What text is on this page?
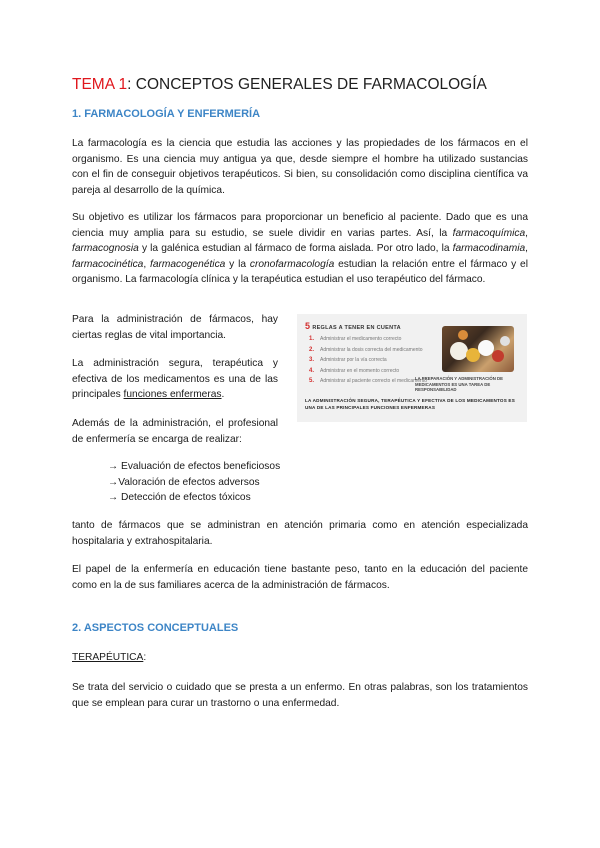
TEMA 1: CONCEPTOS GENERALES DE FARMACOLOGÍA
1. FARMACOLOGÍA Y ENFERMERÍA

La farmacología es la ciencia que estudia las acciones y las propiedades de los fármacos en el organismo. Es una ciencia muy antigua ya que, desde siempre el hombre ha utilizado sustancias con el fin de conseguir objetivos terapéuticos. Si bien, su consolidación como disciplina científica va pareja al desarrollo de la química.

Su objetivo es utilizar los fármacos para proporcionar un beneficio al paciente. Dado que es una ciencia muy amplia para su estudio, se suele dividir en varias partes. Así, la farmacoquímica, farmacognosia y la galénica estudian al fármaco de forma aislada. Por otro lado, la farmacodinamia, farmacocinética, farmacogenética y la cronofarmacología estudian la relación entre el fármaco y el organismo. La farmacología clínica y la terapéutica estudian el uso terapéutico del fármaco.

Para la administración de fármacos, hay ciertas reglas de vital importancia.

La administración segura, terapéutica y efectiva de los medicamentos es una de las principales funciones enfermeras.

Además de la administración, el profesional de enfermería se encarga de realizar:

→ Evaluación de efectos beneficiosos
→Valoración de efectos adversos
→ Detección de efectos tóxicos

tanto de fármacos que se administran en atención primaria como en atención especializada hospitalaria y extrahospitalaria.

El papel de la enfermería en educación tiene bastante peso, tanto en la educación del paciente como en la de sus familiares acerca de la administración de fármacos.

2. ASPECTOS CONCEPTUALES

TERAPÉUTICA:

Se trata del servicio o cuidado que se presta a un enfermo. En otras palabras, son los tratamientos que se emplean para curar un trastorno o una enfermedad.

5 REGLAS A TENER EN CUENTA
1. Administrar el medicamento correcto
2. Administrar la dosis correcta del medicamento
3. Administrar por la vía correcta
4. Administrar en el momento correcto
5. Administrar al paciente correcto el medicamento
LA PREPARACIÓN Y ADMINISTRACIÓN DE MEDICAMENTOS ES UNA TAREA DE RESPONSABILIDAD
LA ADMINISTRACIÓN SEGURA, TERAPÉUTICA Y EFECTIVA DE LOS MEDICAMENTOS ES UNA DE LAS PRINCIPALES FUNCIONES ENFERMERAS
